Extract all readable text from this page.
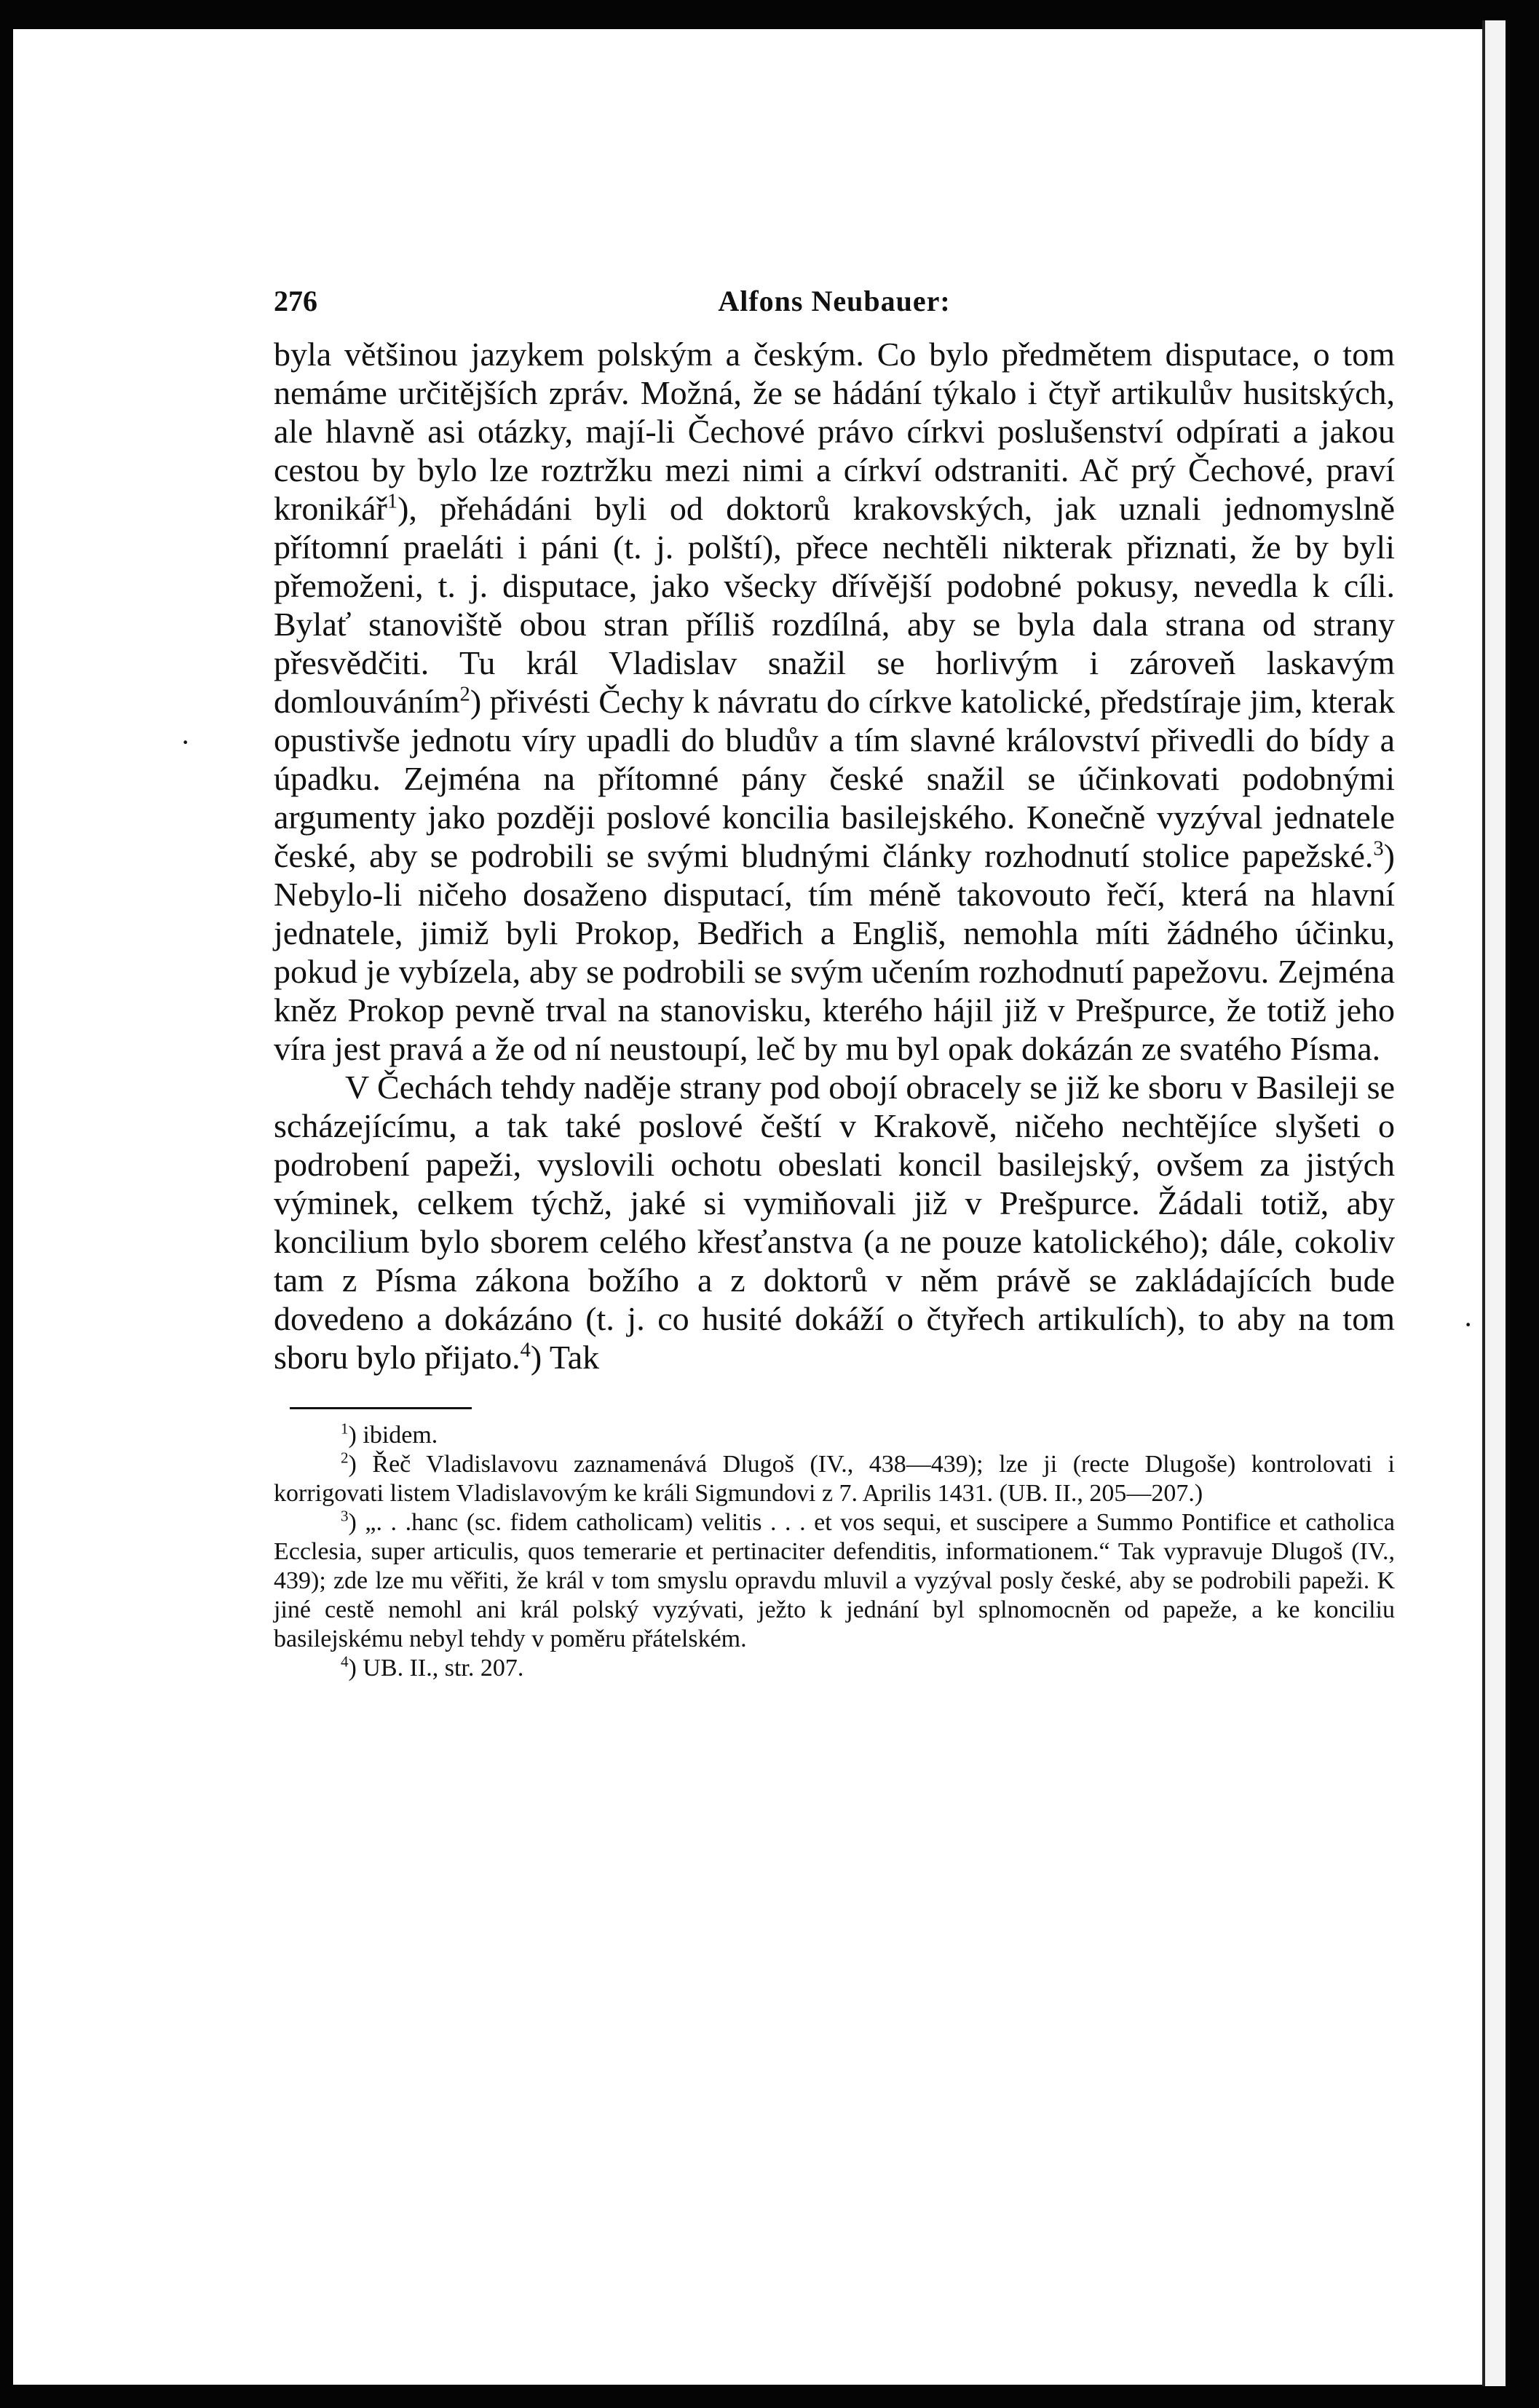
·
·
276	Alfons Neubauer:

byla většinou jazykem polským a českým. Co bylo předmětem disputace, o tom nemáme určitějších zpráv. Možná, že se hádání týkalo i čtyř artikulův husitských, ale hlavně asi otázky, mají-li Čechové právo církvi poslušenství odpírati a jakou cestou by bylo lze roztržku mezi nimi a církví odstraniti. Ač prý Čechové, praví kronikář$^1$), přehádáni byli od doktorů krakovských, jak uznali jednomyslně přítomní praeláti i páni (t. j. polští), přece nechtěli nikterak přiznati, že by byli přemoženi, t. j. disputace, jako všecky dřívější podobné pokusy, nevedla k cíli. Bylať stanoviště obou stran příliš rozdílná, aby se byla dala strana od strany přesvědčiti. Tu král Vladislav snažil se horlivým i zároveň laskavým domlouváním$^2$) přivésti Čechy k návratu do církve katolické, předstíraje jim, kterak opustivše jednotu víry upadli do bludův a tím slavné království přivedli do bídy a úpadku. Zejména na přítomné pány české snažil se účinkovati podobnými argumenty jako později poslové koncilia basilejského. Konečně vyzýval jednatele české, aby se podrobili se svými bludnými články rozhodnutí stolice papežské.$^3$) Nebylo-li ničeho dosaženo disputací, tím méně takovouto řečí, která na hlavní jednatele, jimiž byli Prokop, Bedřich a Engliš, nemohla míti žádného účinku, pokud je vybízela, aby se podrobili se svým učením rozhodnutí papežovu. Zejména kněz Prokop pevně trval na stanovisku, kterého hájil již v Prešpurce, že totiž jeho víra jest pravá a že od ní neustoupí, leč by mu byl opak dokázán ze svatého Písma.

V Čechách tehdy naděje strany pod obojí obracely se již ke sboru v Basileji se scházejícímu, a tak také poslové čeští v Krakově, ničeho nechtějíce slyšeti o podrobení papeži, vyslovili ochotu obeslati koncil basilejský, ovšem za jistých výminek, celkem týchž, jaké si vymiňovali již v Prešpurce. Žádali totiž, aby koncilium bylo sborem celého křesťanstva (a ne pouze katolického); dále, cokoliv tam z Písma zákona božího a z doktorů v něm právě se zakládajících bude dovedeno a dokázáno (t. j. co husité dokáží o čtyřech artikulích), to aby na tom sboru bylo přijato.$^4$) Tak

$^1$) ibidem.

$^2$) Řeč Vladislavovu zaznamenává Dlugoš (IV., 438—439); lze ji (recte Dlugoše) kontrolovati i korrigovati listem Vladislavovým ke králi Sigmundovi z 7. Aprilis 1431. (UB. II., 205—207.)

$^3$) „. . .hanc (sc. fidem catholicam) velitis . . . et vos sequi, et suscipere a Summo Pontifice et catholica Ecclesia, super articulis, quos temerarie et pertinaciter defenditis, informationem.“ Tak vypravuje Dlugoš (IV., 439); zde lze mu věřiti, že král v tom smyslu opravdu mluvil a vyzýval posly české, aby se podrobili papeži. K jiné cestě nemohl ani král polský vyzývati, ježto k jednání byl splnomocněn od papeže, a ke konciliu basilejskému nebyl tehdy v poměru přátelském.

$^4$) UB. II., str. 207.
